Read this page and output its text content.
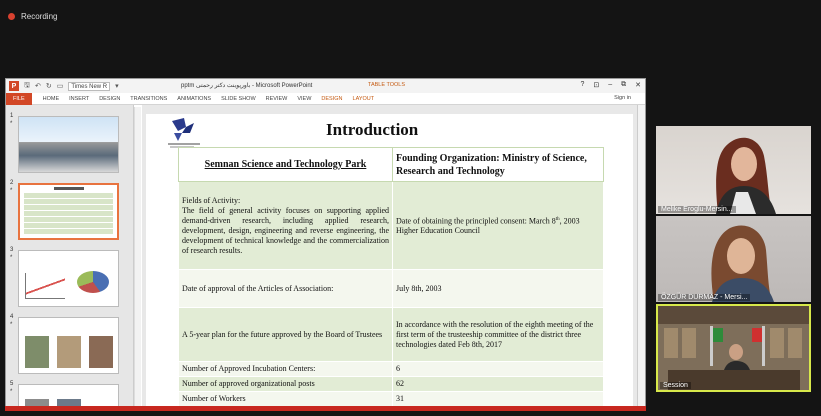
Recording
P	🖫 ↶ ↻ ▭	Times New R	▾	pptm باورپوینت دکتر رحمتی - Microsoft PowerPoint	TABLE TOOLS	? ⊡ – ⧉ ✕
FILE	HOME	INSERT	DESIGN	TRANSITIONS	ANIMATIONS	SLIDE SHOW	REVIEW	VIEW	DESIGN	LAYOUT	Sign in
1
*
2
*
3
*
4
*
5
*
Introduction
Semnan Science and Technology Park	Founding Organization: Ministry of Science, Research and Technology

Fields of Activity:
The field of general activity focuses on supporting applied demand-driven research, including applied research, development, design, engineering and reverse engineering, the development of technical knowledge and the commercialization of research results.	Date of obtaining the principled consent: March 8th, 2003 Higher Education Council
Date of approval of the Articles of Association:	July 8th, 2003
A 5-year plan for the future approved by the Board of Trustees	In accordance with the resolution of the eighth meeting of the first term of the trusteeship committee of the district three technologies dated Feb 8th, 2017
Number of Approved Incubation Centers:	6
Number of approved organizational posts	62
Number of Workers	31
Melike Eroglu-Mersin...
ÖZGÜR DURMAZ - Mersi...
Session
